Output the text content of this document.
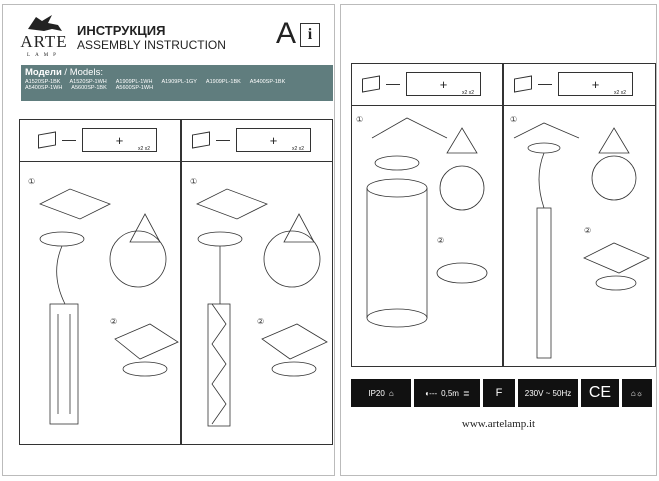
ARTE
LAMP
ИНСТРУКЦИЯ
ASSEMBLY INSTRUCTION A i
Модели / Models:
A1520SP-1BK A1520SP-1WH A1909PL-1WH A1909PL-1GY A1909PL-1BK A5400SP-1BK
A5400SP-1WH A5600SP-1BK A5600SP-1WH
+
x2 x2
①
②
+
x2 x2
①
②
+
x2 x2
①
②
+
x2 x2
①
②
IP20 ⌂	◖--- 0,5m ≣ F	230V ~ 50Hz CE	⌂☼
www.artelamp.it
